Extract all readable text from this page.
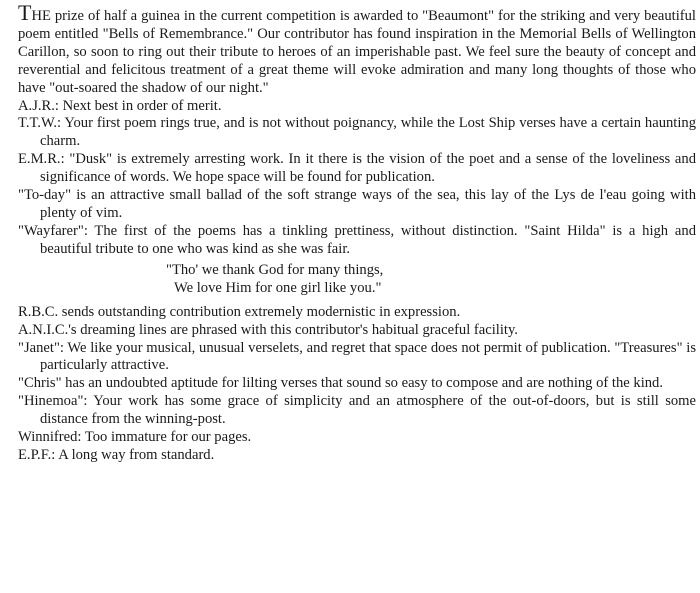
THE prize of half a guinea in the current competition is awarded to "Beaumont" for the striking and very beautiful poem entitled "Bells of Remembrance." Our contributor has found inspiration in the Memorial Bells of Wellington Carillon, so soon to ring out their tribute to heroes of an imperishable past. We feel sure the beauty of concept and reverential and felicitous treatment of a great theme will evoke admiration and many long thoughts of those who have "out-soared the shadow of our night."

A.J.R.: Next best in order of merit.

T.T.W.: Your first poem rings true, and is not without poignancy, while the Lost Ship verses have a certain haunting charm.

E.M.R.: "Dusk" is extremely arresting work. In it there is the vision of the poet and a sense of the loveliness and significance of words. We hope space will be found for publication.

"To-day" is an attractive small ballad of the soft strange ways of the sea, this lay of the Lys de l'eau going with plenty of vim.

"Wayfarer": The first of the poems has a tinkling prettiness, without distinction. "Saint Hilda" is a high and beautiful tribute to one who was kind as she was fair.

"Tho' we thank God for many things,
We love Him for one girl like you."

R.B.C. sends outstanding contribution extremely modernistic in expression.

A.N.I.C.'s dreaming lines are phrased with this contributor's habitual graceful facility.

"Janet": We like your musical, unusual verselets, and regret that space does not permit of publication. "Treasures" is particularly attractive.

"Chris" has an undoubted aptitude for lilting verses that sound so easy to compose and are nothing of the kind.

"Hinemoa": Your work has some grace of simplicity and an atmosphere of the out-of-doors, but is still some distance from the winning-post.

Winnifred: Too immature for our pages.

E.P.F.: A long way from standard.
